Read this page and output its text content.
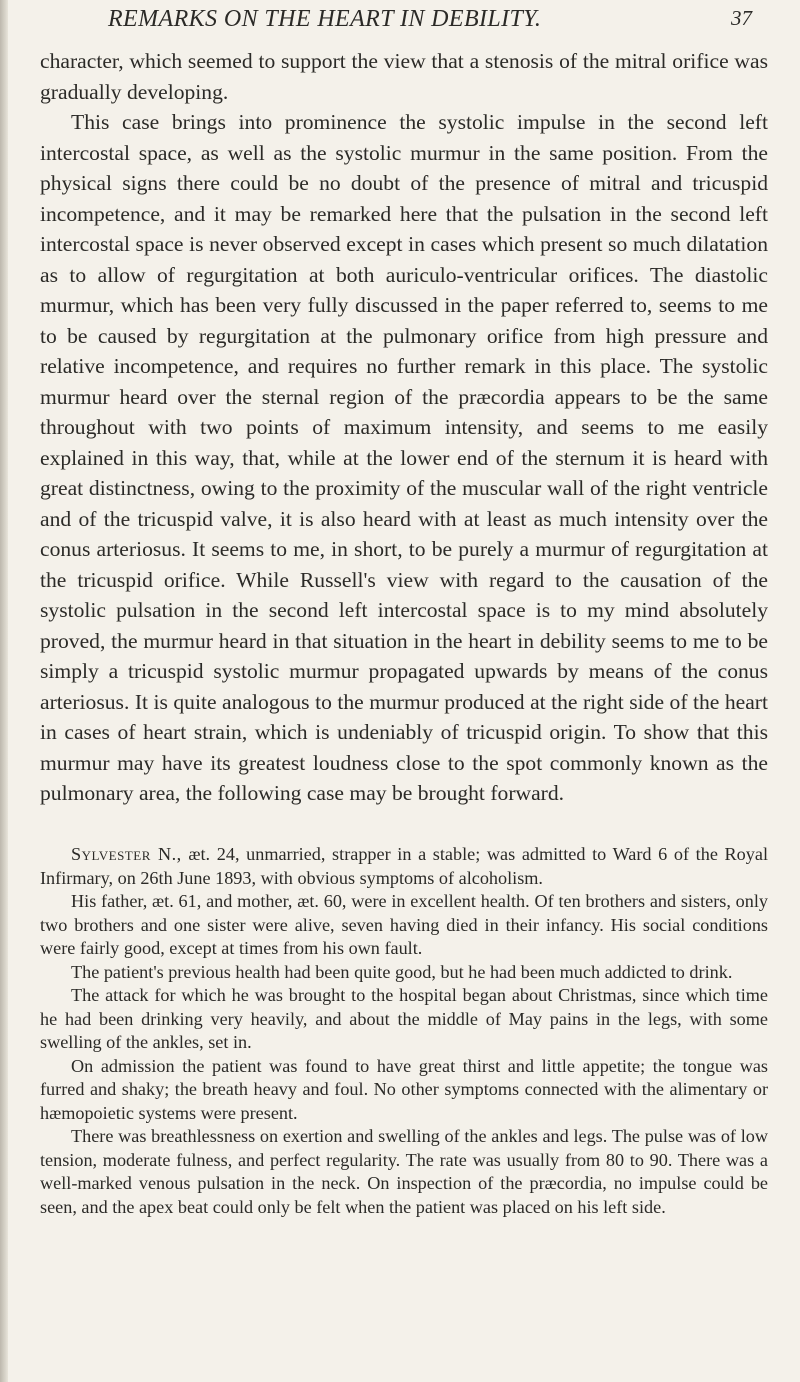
REMARKS ON THE HEART IN DEBILITY.	37

character, which seemed to support the view that a stenosis of the mitral orifice was gradually developing.

This case brings into prominence the systolic impulse in the second left intercostal space, as well as the systolic murmur in the same position. From the physical signs there could be no doubt of the presence of mitral and tricuspid incompetence, and it may be remarked here that the pulsation in the second left intercostal space is never observed except in cases which present so much dilatation as to allow of regurgitation at both auriculo-ventricular orifices. The diastolic murmur, which has been very fully discussed in the paper referred to, seems to me to be caused by regurgitation at the pulmonary orifice from high pressure and relative incompetence, and requires no further remark in this place. The systolic murmur heard over the sternal region of the præcordia appears to be the same throughout with two points of maximum intensity, and seems to me easily explained in this way, that, while at the lower end of the sternum it is heard with great distinctness, owing to the proximity of the muscular wall of the right ventricle and of the tricuspid valve, it is also heard with at least as much intensity over the conus arteriosus. It seems to me, in short, to be purely a murmur of regurgitation at the tricuspid orifice. While Russell's view with regard to the causation of the systolic pulsation in the second left intercostal space is to my mind absolutely proved, the murmur heard in that situation in the heart in debility seems to me to be simply a tricuspid systolic murmur propagated upwards by means of the conus arteriosus. It is quite analogous to the murmur produced at the right side of the heart in cases of heart strain, which is undeniably of tricuspid origin. To show that this murmur may have its greatest loudness close to the spot commonly known as the pulmonary area, the following case may be brought forward.

Sylvester N., æt. 24, unmarried, strapper in a stable; was admitted to Ward 6 of the Royal Infirmary, on 26th June 1893, with obvious symptoms of alcoholism.

His father, æt. 61, and mother, æt. 60, were in excellent health. Of ten brothers and sisters, only two brothers and one sister were alive, seven having died in their infancy. His social conditions were fairly good, except at times from his own fault.

The patient's previous health had been quite good, but he had been much addicted to drink.

The attack for which he was brought to the hospital began about Christmas, since which time he had been drinking very heavily, and about the middle of May pains in the legs, with some swelling of the ankles, set in.

On admission the patient was found to have great thirst and little appetite; the tongue was furred and shaky; the breath heavy and foul. No other symptoms connected with the alimentary or hæmopoietic systems were present.

There was breathlessness on exertion and swelling of the ankles and legs. The pulse was of low tension, moderate fulness, and perfect regularity. The rate was usually from 80 to 90. There was a well-marked venous pulsation in the neck. On inspection of the præcordia, no impulse could be seen, and the apex beat could only be felt when the patient was placed on his left side.
